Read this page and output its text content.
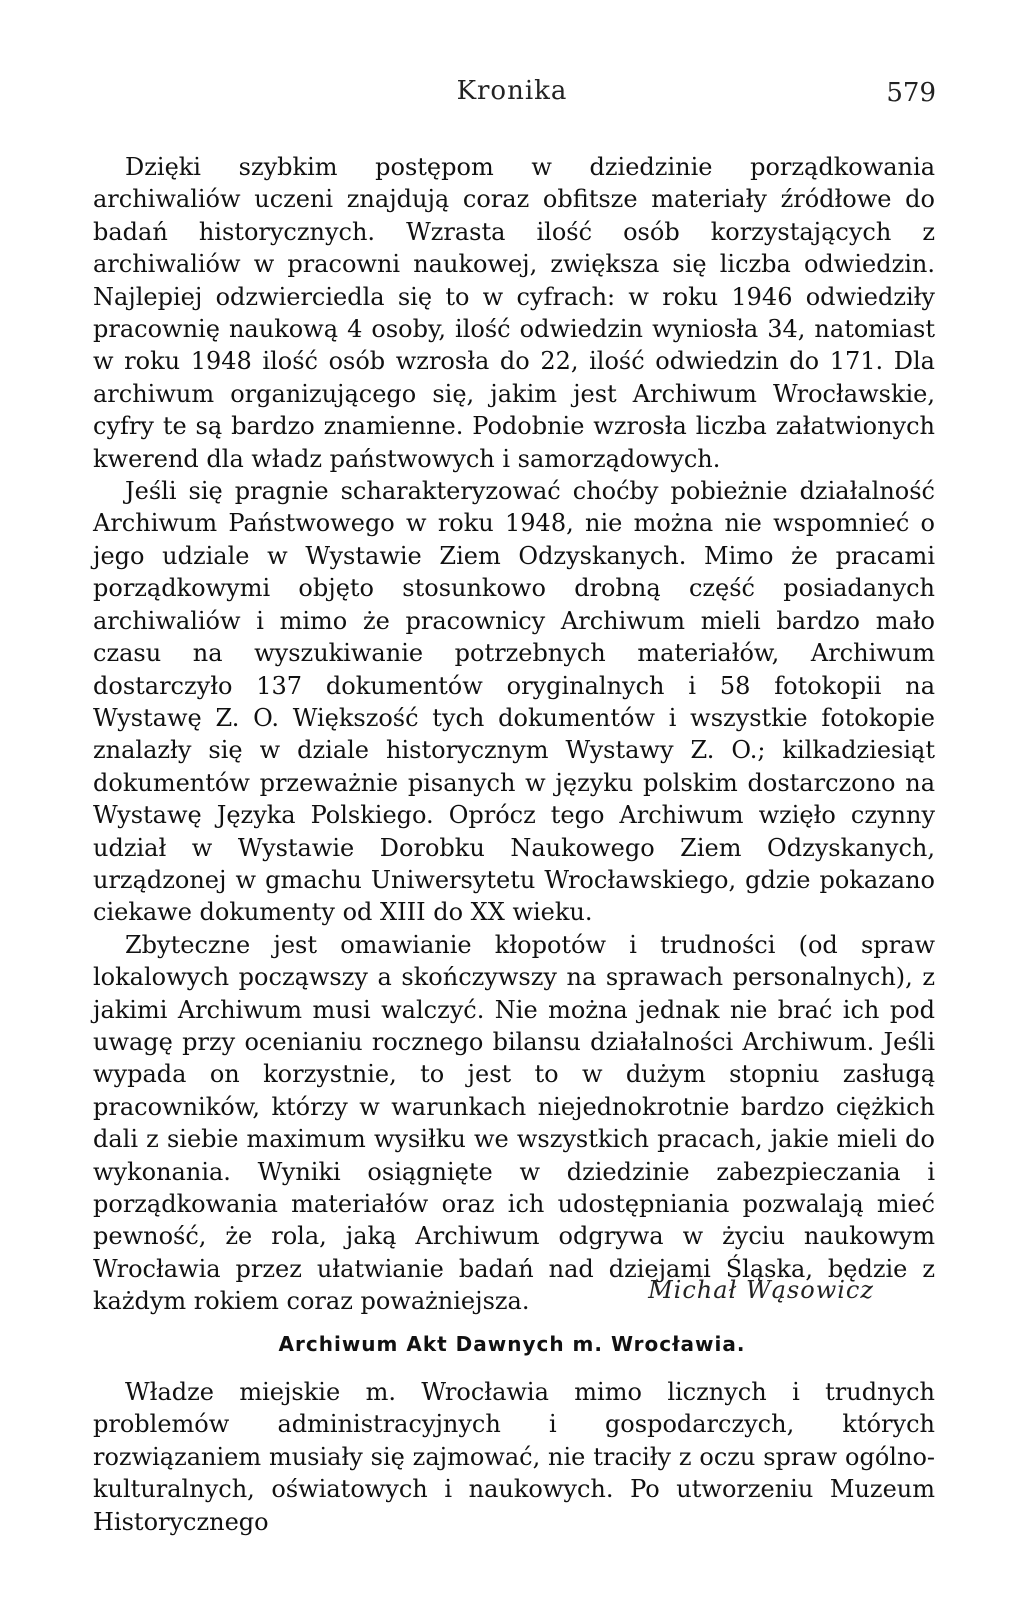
Kronika	579

Dzięki szybkim postępom w dziedzinie porządkowania archiwaliów uczeni znajdują coraz obfitsze materiały źródłowe do badań historycznych. Wzrasta ilość osób korzystających z archiwaliów w pracowni naukowej, zwiększa się liczba odwiedzin. Najlepiej odzwierciedla się to w cyfrach: w roku 1946 odwiedziły pracownię naukową 4 osoby, ilość odwiedzin wyniosła 34, natomiast w roku 1948 ilość osób wzrosła do 22, ilość odwiedzin do 171. Dla archiwum organizującego się, jakim jest Archiwum Wrocławskie, cyfry te są bardzo znamienne. Podobnie wzrosła liczba załatwionych kwerend dla władz państwowych i samorządowych.

Jeśli się pragnie scharakteryzować choćby pobieżnie działalność Archiwum Państwowego w roku 1948, nie można nie wspomnieć o jego udziale w Wystawie Ziem Odzyskanych. Mimo że pracami porządkowymi objęto stosunkowo drobną część posiadanych archiwaliów i mimo że pracownicy Archiwum mieli bardzo mało czasu na wyszukiwanie potrzebnych materiałów, Archiwum dostarczyło 137 dokumentów oryginalnych i 58 fotokopii na Wystawę Z. O. Większość tych dokumentów i wszystkie fotokopie znalazły się w dziale historycznym Wystawy Z. O.; kilkadziesiąt dokumentów przeważnie pisanych w języku polskim dostarczono na Wystawę Języka Polskiego. Oprócz tego Archiwum wzięło czynny udział w Wystawie Dorobku Naukowego Ziem Odzyskanych, urządzonej w gmachu Uniwersytetu Wrocławskiego, gdzie pokazano ciekawe dokumenty od XIII do XX wieku.

Zbyteczne jest omawianie kłopotów i trudności (od spraw lokalowych począwszy a skończywszy na sprawach personalnych), z jakimi Archiwum musi walczyć. Nie można jednak nie brać ich pod uwagę przy ocenianiu rocznego bilansu działalności Archiwum. Jeśli wypada on korzystnie, to jest to w dużym stopniu zasługą pracowników, którzy w warunkach niejednokrotnie bardzo ciężkich dali z siebie maximum wysiłku we wszystkich pracach, jakie mieli do wykonania. Wyniki osiągnięte w dziedzinie zabezpieczania i porządkowania materiałów oraz ich udostępniania pozwalają mieć pewność, że rola, jaką Archiwum odgrywa w życiu naukowym Wrocławia przez ułatwianie badań nad dziejami Śląska, będzie z każdym rokiem coraz poważniejsza.	Michał Wąsowicz
Archiwum Akt Dawnych m. Wrocławia.

Władze miejskie m. Wrocławia mimo licznych i trudnych problemów administracyjnych i gospodarczych, których rozwiązaniem musiały się zajmować, nie traciły z oczu spraw ogólno-kulturalnych, oświatowych i naukowych. Po utworzeniu Muzeum Historycznego
